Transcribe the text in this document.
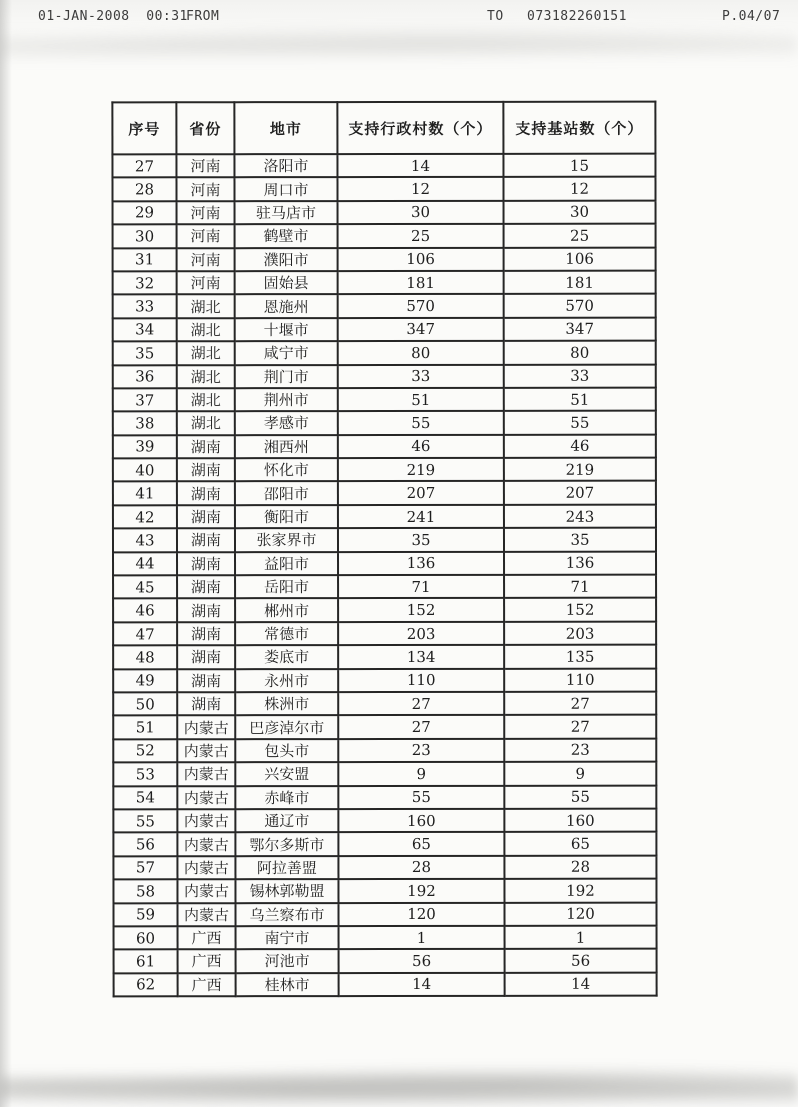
01-JAN-2008  00:31

FROM

	TO

073182260151

	P.04/07

序号	省份	地市	支持行政村数（个）	支持基站数（个）
27	河南	洛阳市	14	15
28	河南	周口市	12	12
29	河南	驻马店市	30	30
30	河南	鹤壁市	25	25
31	河南	濮阳市	106	106
32	河南	固始县	181	181
33	湖北	恩施州	570	570
34	湖北	十堰市	347	347
35	湖北	咸宁市	80	80
36	湖北	荆门市	33	33
37	湖北	荆州市	51	51
38	湖北	孝感市	55	55
39	湖南	湘西州	46	46
40	湖南	怀化市	219	219
41	湖南	邵阳市	207	207
42	湖南	衡阳市	241	243
43	湖南	张家界市	35	35
44	湖南	益阳市	136	136
45	湖南	岳阳市	71	71
46	湖南	郴州市	152	152
47	湖南	常德市	203	203
48	湖南	娄底市	134	135
49	湖南	永州市	110	110
50	湖南	株洲市	27	27
51	内蒙古	巴彦淖尔市	27	27
52	内蒙古	包头市	23	23
53	内蒙古	兴安盟	9	9
54	内蒙古	赤峰市	55	55
55	内蒙古	通辽市	160	160
56	内蒙古	鄂尔多斯市	65	65
57	内蒙古	阿拉善盟	28	28
58	内蒙古	锡林郭勒盟	192	192
59	内蒙古	乌兰察布市	120	120
60	广西	南宁市	1	1
61	广西	河池市	56	56
62	广西	桂林市	14	14
